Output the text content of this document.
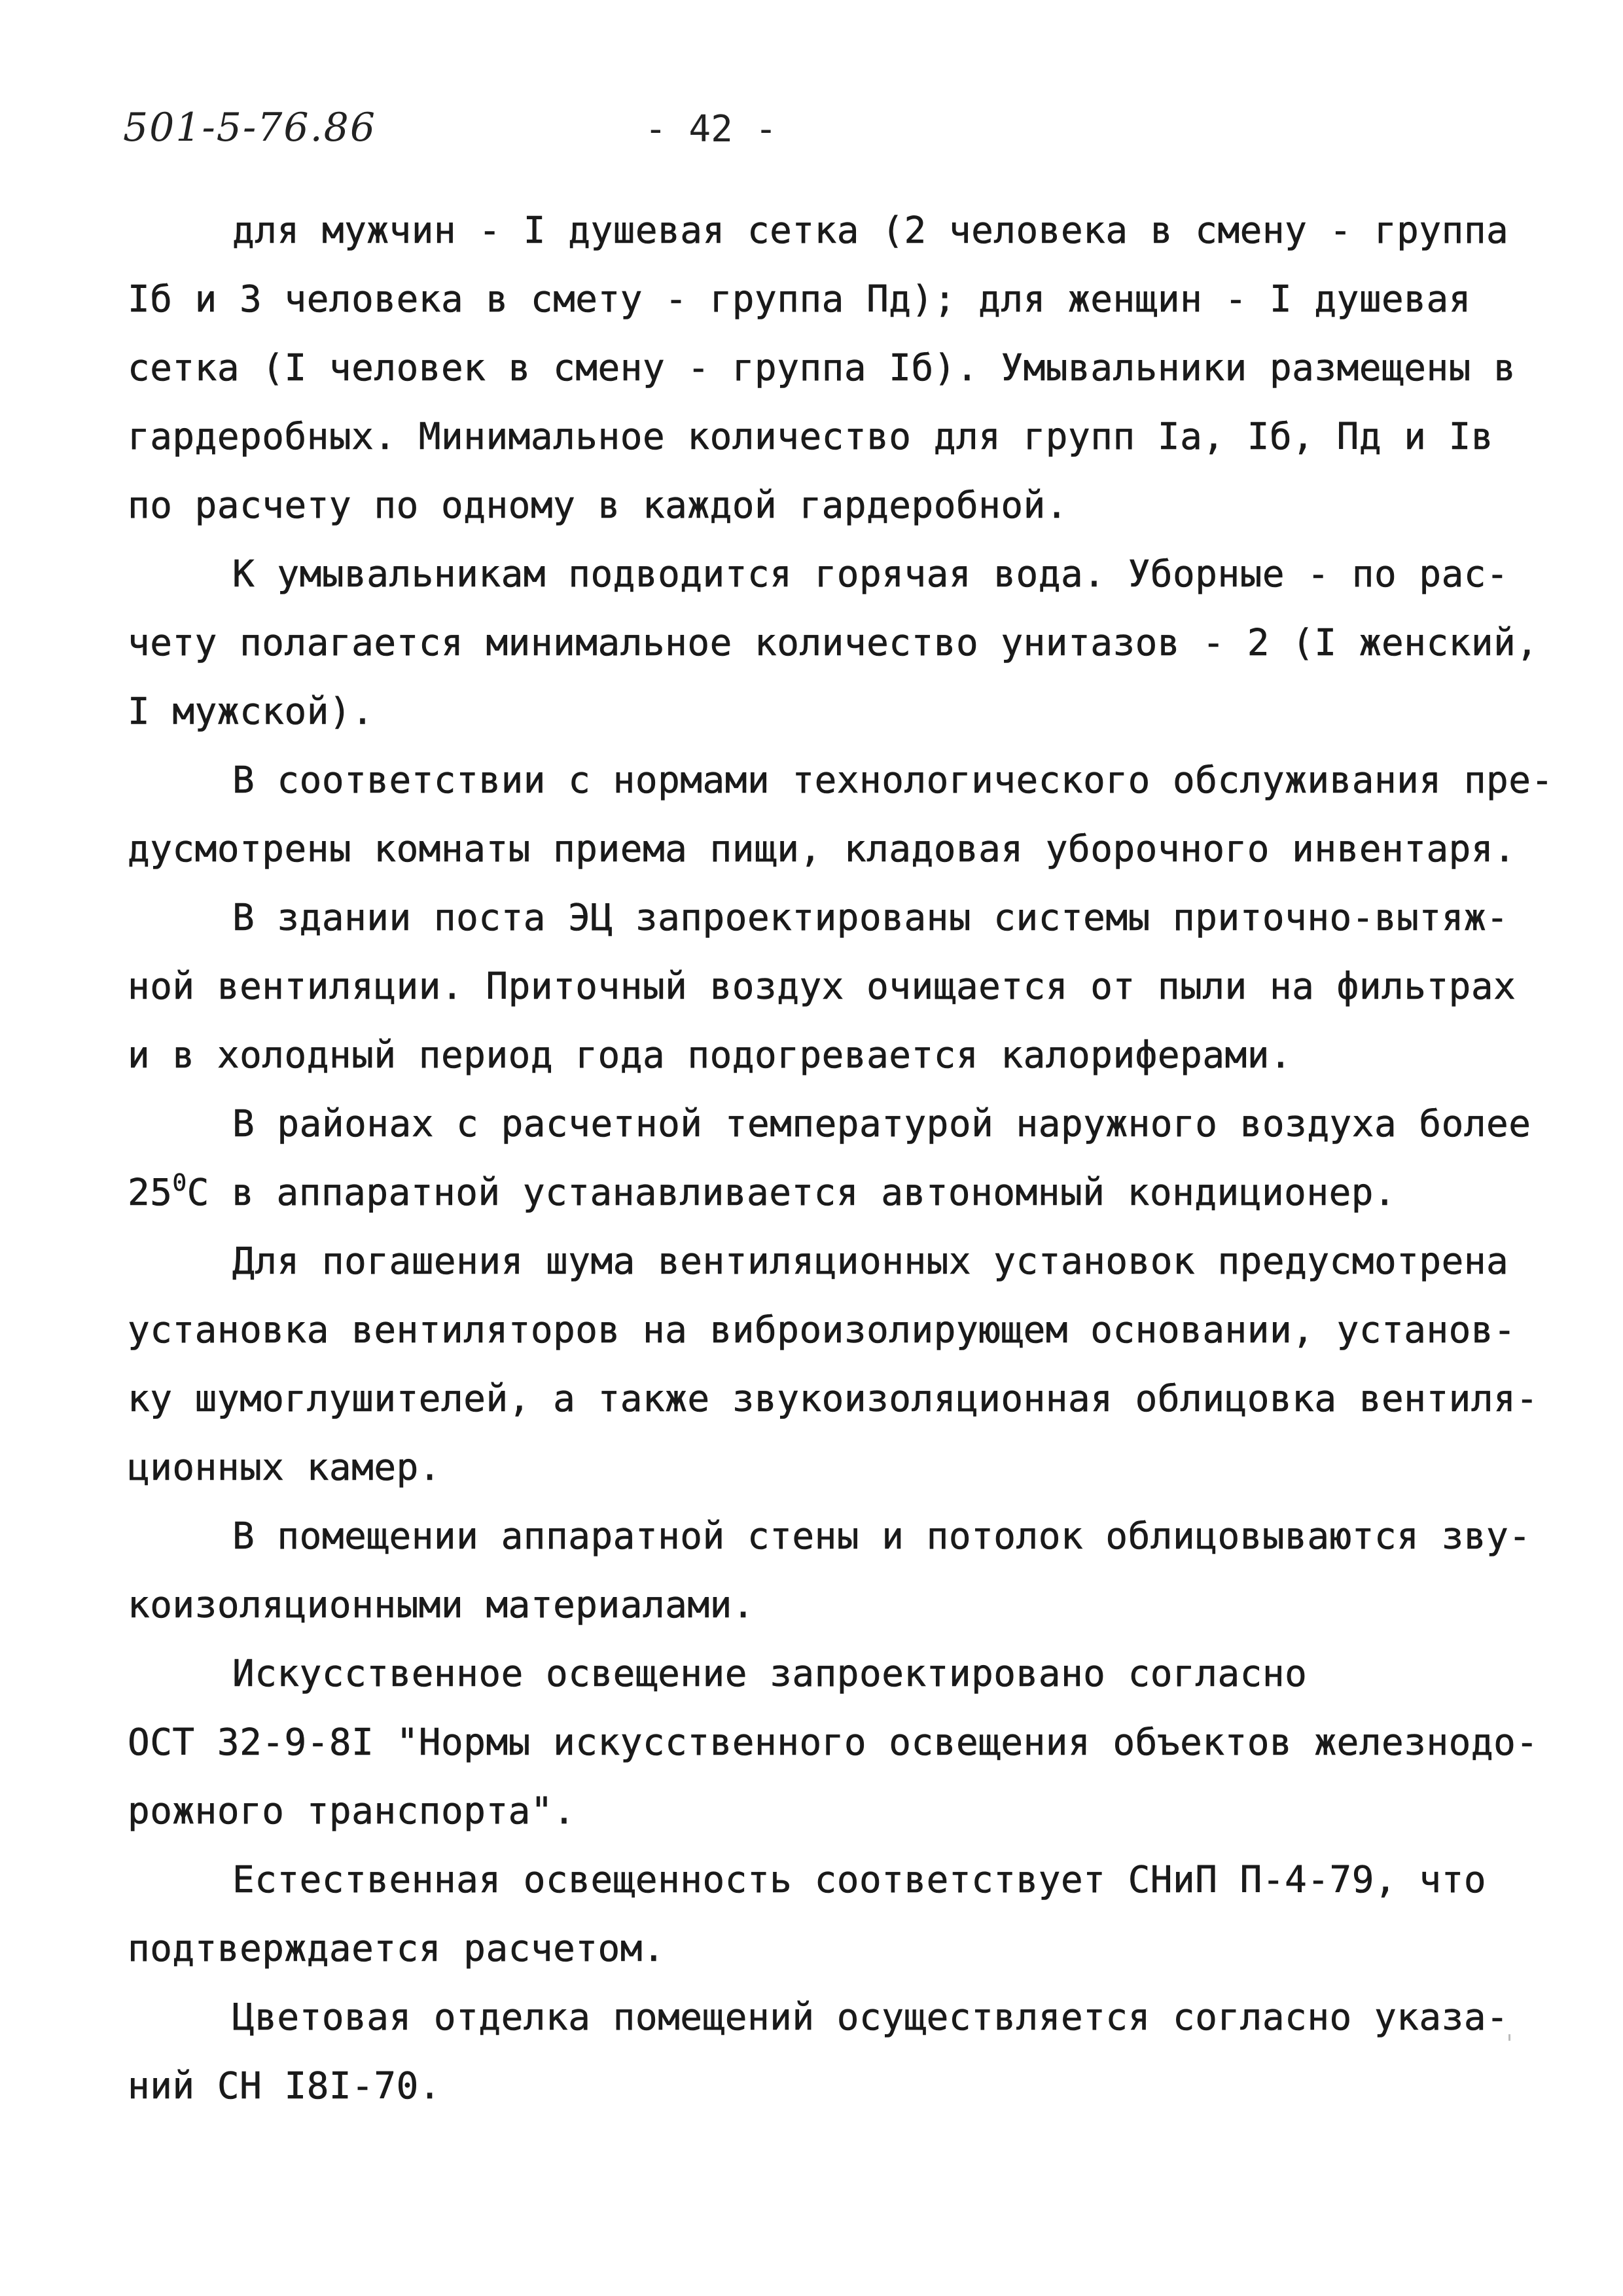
501-5-76.86	- 42 -
для мужчин - I душевая сетка (2 человека в смену - группа
Iб и 3 человека в смету - группа Пд); для женщин - I душевая
сетка (I человек в смену - группа Iб). Умывальники размещены в
гардеробных. Минимальное количество для групп Iа, Iб, Пд и Iв
по расчету по одному в каждой гардеробной.
К умывальникам подводится горячая вода. Уборные - по рас-
чету полагается минимальное количество унитазов - 2 (I женский,
I мужской).
В соответствии с нормами технологического обслуживания пре-
дусмотрены комнаты приема пищи, кладовая уборочного инвентаря.
В здании поста ЭЦ запроектированы системы приточно-вытяж-
ной вентиляции. Приточный воздух очищается от пыли на фильтрах
и в холодный период года подогревается калориферами.
В районах с расчетной температурой наружного воздуха более
$25^0С$ в аппаратной устанавливается автономный кондиционер.
Для погашения шума вентиляционных установок предусмотрена
установка вентиляторов на виброизолирующем основании, установ-
ку шумоглушителей, а также звукоизоляционная облицовка вентиля-
ционных камер.
В помещении аппаратной стены и потолок облицовываются зву-
коизоляционными материалами.
Искусственное освещение запроектировано согласно
ОСТ 32-9-8I "Нормы искусственного освещения объектов железнодо-
рожного транспорта".
Естественная освещенность соответствует СНиП П-4-79, что
подтверждается расчетом.
Цветовая отделка помещений осуществляется согласно указа-
ний СН I8I-70.
